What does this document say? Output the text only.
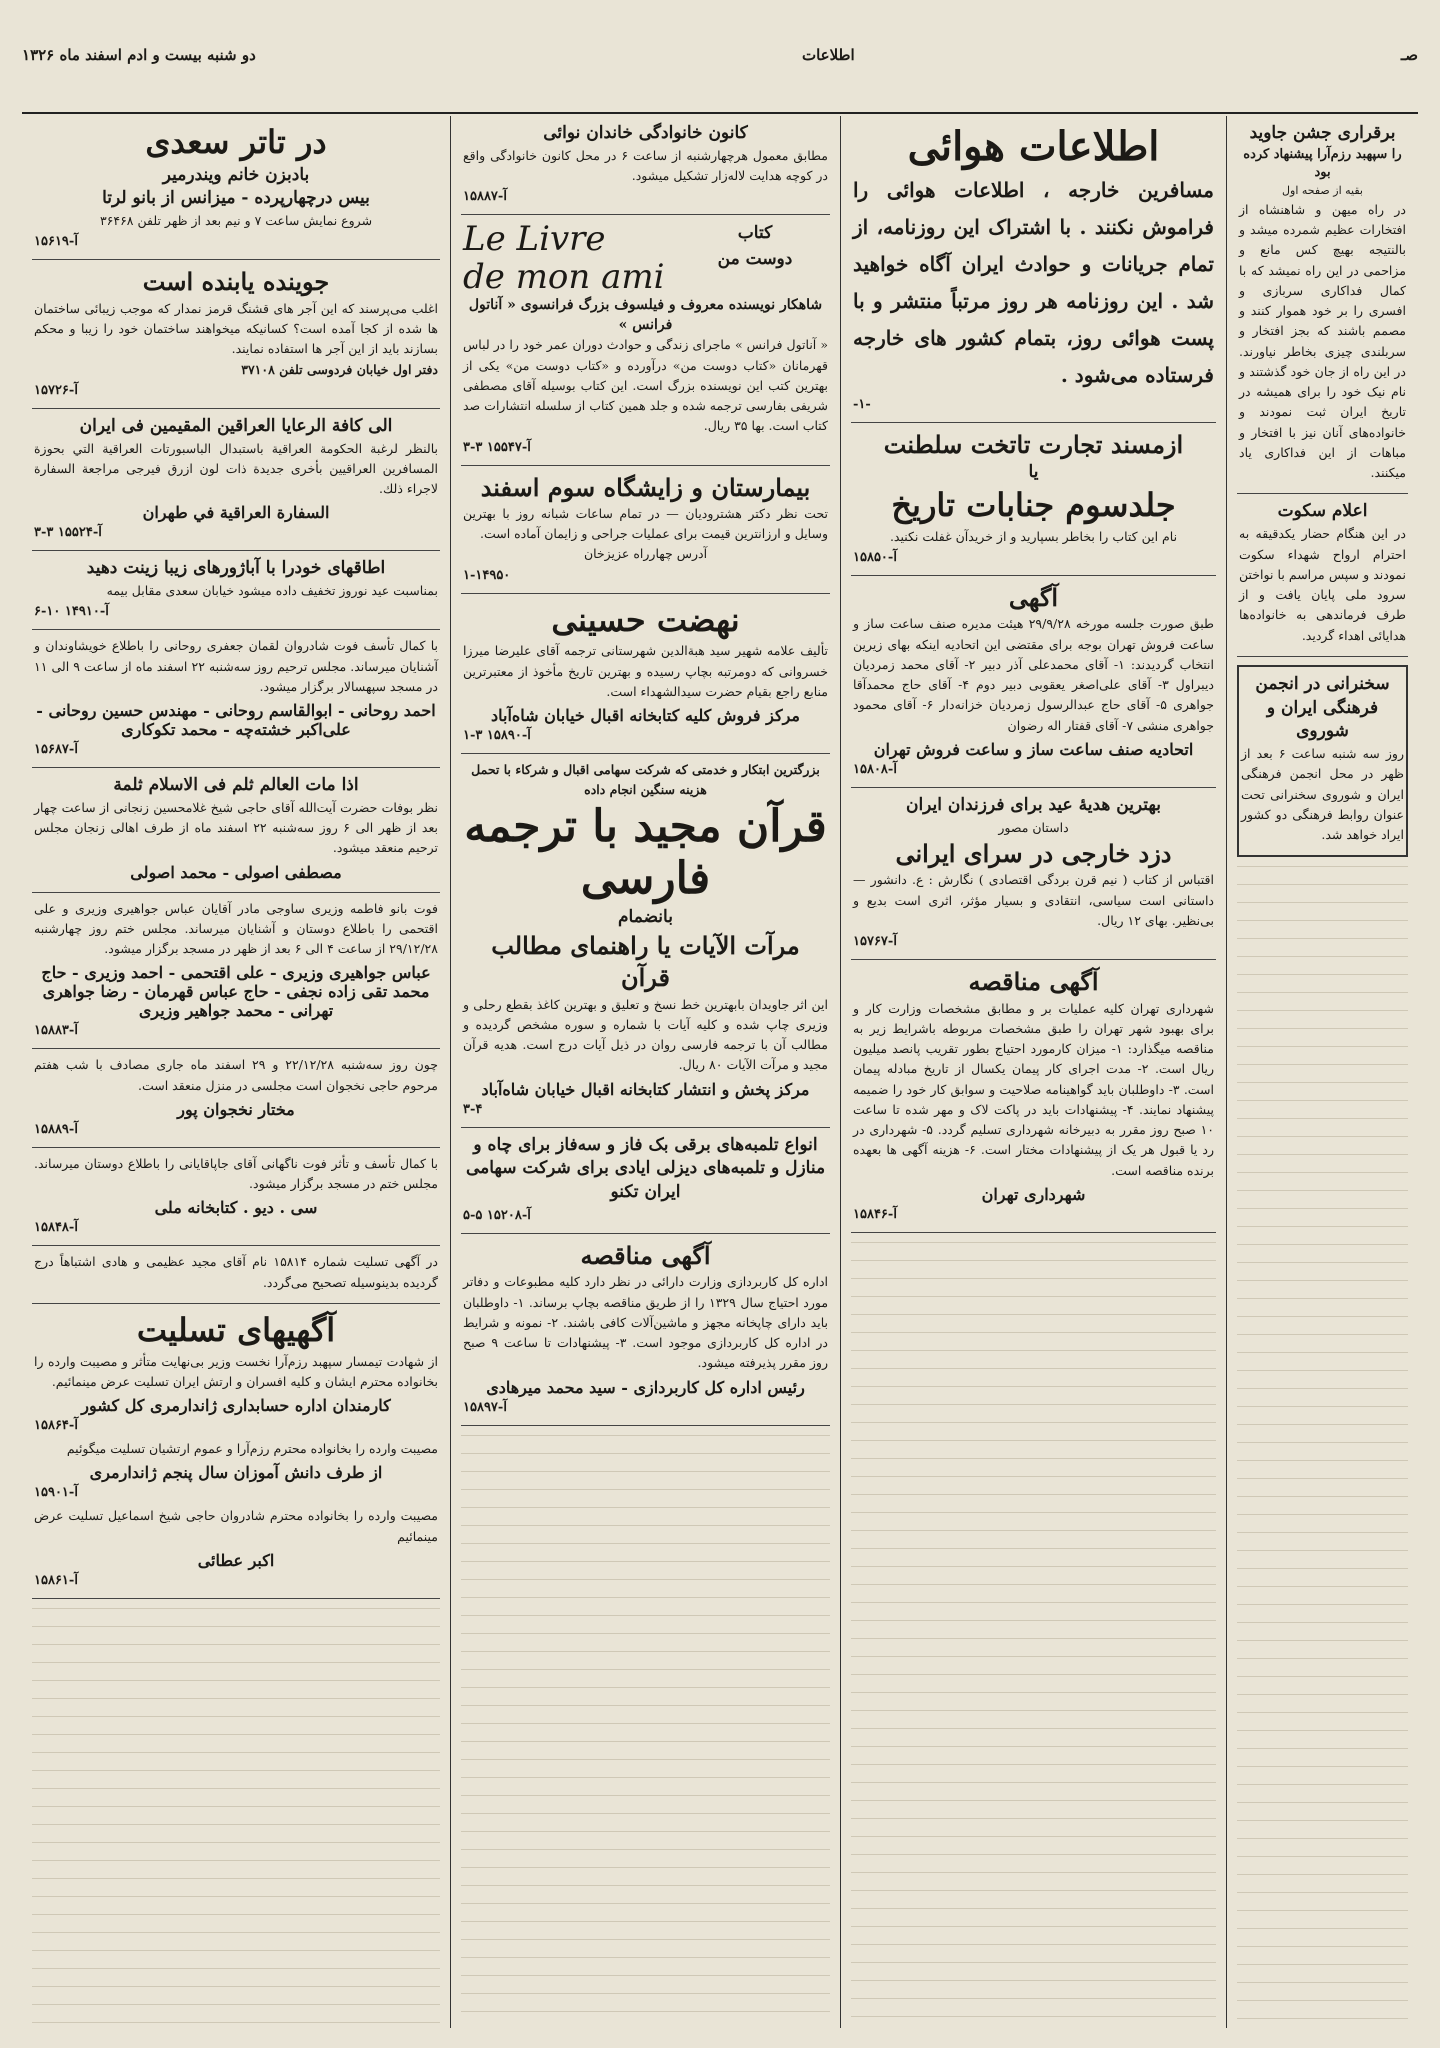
صـ
اطلاعات
دو شنبه بیست و ادم اسفند ماه ۱۳۲۶
برقراری جشن جاوید
را سپهبد رزم‌آرا پیشنهاد کرده بود
بقیه از صفحه اول
در راه میهن و شاهنشاه از افتخارات عظیم شمرده میشد و بالنتیجه بهیچ کس مانع و مزاحمی در این راه نمیشد که با کمال فداکاری سربازی و افسری را بر خود هموار کنند و مصمم باشند که بجز افتخار و سربلندی چیزی بخاطر نیاورند. در این راه از جان خود گذشتند و نام نیک خود را برای همیشه در تاریخ ایران ثبت نمودند و خانواده‌های آنان نیز با افتخار و مباهات از این فداکاری یاد میکنند.
اعلام سکوت
در این هنگام حضار یکدقیقه به احترام ارواح شهداء سکوت نمودند و سپس مراسم با نواختن سرود ملی پایان یافت و از طرف فرماندهی به خانواده‌ها هدایائی اهداء گردید.
سخنرانی در انجمن فرهنگی ایران و شوروی
روز سه شنبه ساعت ۶ بعد از ظهر در محل انجمن فرهنگی ایران و شوروی سخنرانی تحت عنوان روابط فرهنگی دو کشور ایراد خواهد شد.
اطلاعات هوائی
مسافرین خارجه ، اطلاعات هوائی را فراموش نکنند . با اشتراک این روزنامه، از تمام جریانات و حوادث ایران آگاه خواهید شد . این روزنامه هر روز مرتباً منتشر و با پست هوائی روز، بتمام کشور های خارجه فرستاده می‌شود .
-۱-
ازمسند تجارت تاتخت سلطنت
یا
جلدسوم جنابات تاریخ
نام این کتاب را بخاطر بسپارید و از خریدآن غفلت نکنید.
آ-۱۵۸۵۰
آگهی
طبق صورت جلسه مورخه ۲۹/۹/۲۸ هیئت مدیره صنف ساعت ساز و ساعت فروش تهران بوجه برای مقتضی این اتحادیه اینکه بهای زیرین انتخاب گردیدند: ۱- آقای محمدعلی آذر دبیر ۲- آقای محمد زمردیان دیبراول ۳- آقای علی‌اصغر یعقوبی دبیر دوم ۴- آقای حاج محمدآقا جواهری ۵- آقای حاج عبدالرسول زمردیان خزانه‌دار ۶- آقای محمود جواهری منشی ۷- آقای قفتار اله رضوان
اتحادیه صنف ساعت ساز و ساعت فروش تهران
آ-۱۵۸۰۸
بهترین هدیهٔ عید برای فرزندان ایران
داستان مصور
دزد خارجی در سرای ایرانی
اقتباس از کتاب ( نیم قرن بردگی اقتصادی ) نگارش : ع. دانشور — داستانی است سیاسی، انتقادی و بسیار مؤثر، اثری است بدیع و بی‌نظیر. بهای ۱۲ ریال.
آ-۱۵۷۶۷
آگهی مناقصه
شهرداری تهران کلیه عملیات بر و مطابق مشخصات وزارت کار و برای بهبود شهر تهران را طبق مشخصات مربوطه باشرایط زیر به مناقصه میگذارد: ۱- میزان کارمورد احتیاج بطور تقریب پانصد میلیون ریال است. ۲- مدت اجرای کار پیمان یکسال از تاریخ مبادله پیمان است. ۳- داوطلبان باید گواهینامه صلاحیت و سوابق کار خود را ضمیمه پیشنهاد نمایند. ۴- پیشنهادات باید در پاکت لاک و مهر شده تا ساعت ۱۰ صبح روز مقرر به دبیرخانه شهرداری تسلیم گردد. ۵- شهرداری در رد یا قبول هر یک از پیشنهادات مختار است. ۶- هزینه آگهی ها بعهده برنده مناقصه است.
شهرداری تهران
آ-۱۵۸۴۶
کانون خانوادگی خاندان نوائی
مطابق معمول هرچهارشنبه از ساعت ۶ در محل کانون خانوادگی واقع در کوچه هدایت لاله‌زار تشکیل میشود.
آ-۱۵۸۸۷
کتاب
دوست من
Le Livre
de mon ami
شاهکار نویسنده معروف و فیلسوف بزرگ فرانسوی « آناتول فرانس »
« آناتول فرانس » ماجرای زندگی و حوادث دوران عمر خود را در لباس قهرمانان «کتاب دوست من» درآورده و «کتاب دوست من» یکی از بهترین کتب این نویسنده بزرگ است. این کتاب بوسیله آقای مصطفی شریفی بفارسی ترجمه شده و جلد همین کتاب از سلسله انتشارات صد کتاب است. بها ۳۵ ریال.
آ-۱۵۵۴۷ ۳-۳
بیمارستان و زایشگاه سوم اسفند
تحت نظر دکتر هشترودیان — در تمام ساعات شبانه روز با بهترین وسایل و ارزانترین قیمت برای عملیات جراحی و زایمان آماده است.
آدرس چهارراه عزیزخان
۱-۱۴۹۵۰
نهضت حسینی
تألیف علامه شهیر سید هبة‌الدین شهرستانی ترجمه آقای علیرضا میرزا خسروانی که دومرتبه بچاپ رسیده و بهترین تاریخ مأخوذ از معتبرترین منابع راجع بقیام حضرت سیدالشهداء است.
مرکز فروش کلیه کتابخانه اقبال خیابان شاه‌آباد
آ-۱۵۸۹۰ ۳-۱
بزرگترین ابتکار و خدمتی که شرکت سهامی اقبال و شرکاء با تحمل هزینه سنگین انجام داده
قرآن مجید با ترجمه فارسی
بانضمام
مرآت الآیات یا راهنمای مطالب قرآن
این اثر جاویدان بابهترین خط نسخ و تعلیق و بهترین کاغذ بقطع رحلی و وزیری چاپ شده و کلیه آیات با شماره و سوره مشخص گردیده و مطالب آن با ترجمه فارسی روان در ذیل آیات درج است. هدیه قرآن مجید و مرآت الآیات ۸۰ ریال.
مرکز پخش و انتشار کتابخانه اقبال خیابان شاه‌آباد
۳-۴
انواع تلمبه‌های برقی بک فاز و سه‌فاز برای چاه و منازل و تلمبه‌های دیزلی ایادی برای شرکت سهامی ایران تکنو
آ-۱۵۲۰۸ ۵-۵
آگهی مناقصه
اداره کل کاربردازی وزارت دارائی در نظر دارد کلیه مطبوعات و دفاتر مورد احتیاج سال ۱۳۲۹ را از طریق مناقصه بچاپ برساند. ۱- داوطلبان باید دارای چاپخانه مجهز و ماشین‌آلات کافی باشند. ۲- نمونه و شرایط در اداره کل کاربردازی موجود است. ۳- پیشنهادات تا ساعت ۹ صبح روز مقرر پذیرفته میشود.
رئیس اداره کل کاربردازی - سید محمد میرهادی
آ-۱۵۸۹۷
در تاتر سعدی
بادبزن خانم ویندرمیر
بیس درچهارپرده - میزانس از بانو لرتا
شروع نمایش ساعت ۷ و نیم بعد از ظهر تلفن ۳۶۴۶۸
آ-۱۵۶۱۹
جوینده یابنده است
اغلب می‌پرسند که این آجر های قشنگ قرمز نمدار که موجب زیبائی ساختمان ها شده از کجا آمده است؟ کسانیکه میخواهند ساختمان خود را زیبا و محکم بسازند باید از این آجر ها استفاده نمایند.
دفتر اول خیابان فردوسی تلفن ۳۷۱۰۸
آ-۱۵۷۲۶
الی کافة الرعایا العراقین المقیمین فی ایران
بالنظر لرغبة الحكومة العراقية باستبدال الباسبورتات العراقية التي بحوزة المسافرين العراقيين بأخرى جديدة ذات لون ازرق فيرجى مراجعة السفارة لاجراء ذلك.
السفارة العراقية في طهران
آ-۱۵۵۲۴ ۳-۳
اطاقهای خودرا با آباژورهای زیبا زینت دهید
بمناسبت عید نوروز تخفیف داده میشود خیابان سعدی مقابل بیمه
آ-۱۴۹۱۰ ۱۰-۶
با کمال تأسف فوت شادروان لقمان جعفری روحانی را باطلاع خویشاوندان و آشنایان میرساند. مجلس ترحیم روز سه‌شنبه ۲۲ اسفند ماه از ساعت ۹ الی ۱۱ در مسجد سپهسالار برگزار میشود.
احمد روحانی - ابوالقاسم روحانی - مهندس حسین روحانی - علی‌اکبر خشته‌چه - محمد تکوکاری
آ-۱۵۶۸۷
اذا مات العالم ثلم فی الاسلام ثلمة
نظر بوفات حضرت آیت‌الله آقای حاجی شیخ غلامحسین زنجانی از ساعت چهار بعد از ظهر الی ۶ روز سه‌شنبه ۲۲ اسفند ماه از طرف اهالی زنجان مجلس ترحیم منعقد میشود.
مصطفی اصولی - محمد اصولی
فوت بانو فاطمه وزیری ساوجی مادر آقایان عباس جواهیری وزیری و علی اقتحمی را باطلاع دوستان و آشنایان میرساند. مجلس ختم روز چهارشنبه ۲۹/۱۲/۲۸ از ساعت ۴ الی ۶ بعد از ظهر در مسجد برگزار میشود.
عباس جواهیری وزیری - علی اقتحمی - احمد وزیری - حاج محمد تقی زاده نجفی - حاج عباس قهرمان - رضا جواهری تهرانی - محمد جواهیر وزیری
آ-۱۵۸۸۳
چون روز سه‌شنبه ۲۲/۱۲/۲۸ و ۲۹ اسفند ماه جاری مصادف با شب هفتم مرحوم حاجی نخجوان است مجلسی در منزل منعقد است.
مختار نخجوان پور
آ-۱۵۸۸۹
با کمال تأسف و تأثر فوت ناگهانی آقای جاپاقایانی را باطلاع دوستان میرساند. مجلس ختم در مسجد برگزار میشود.
سی . دیو . کتابخانه ملی
آ-۱۵۸۴۸
در آگهی تسلیت شماره ۱۵۸۱۴ نام آقای مجید عظیمی و هادی اشتباهاً درج گردیده بدینوسیله تصحیح می‌گردد.
آگهیهای تسلیت
از شهادت تیمسار سپهبد رزم‌آرا نخست وزیر بی‌نهایت متأثر و مصیبت وارده را بخانواده محترم ایشان و کلیه افسران و ارتش ایران تسلیت عرض مینمائیم.
کارمندان اداره حسابداری ژاندارمری کل کشور
آ-۱۵۸۶۴
مصیبت وارده را بخانواده محترم رزم‌آرا و عموم ارتشیان تسلیت میگوئیم
از طرف دانش آموزان سال پنجم ژاندارمری
آ-۱۵۹۰۱
مصیبت وارده را بخانواده محترم شادروان حاجی شیخ اسماعیل تسلیت عرض مینمائیم
اکبر عطائی
آ-۱۵۸۶۱
